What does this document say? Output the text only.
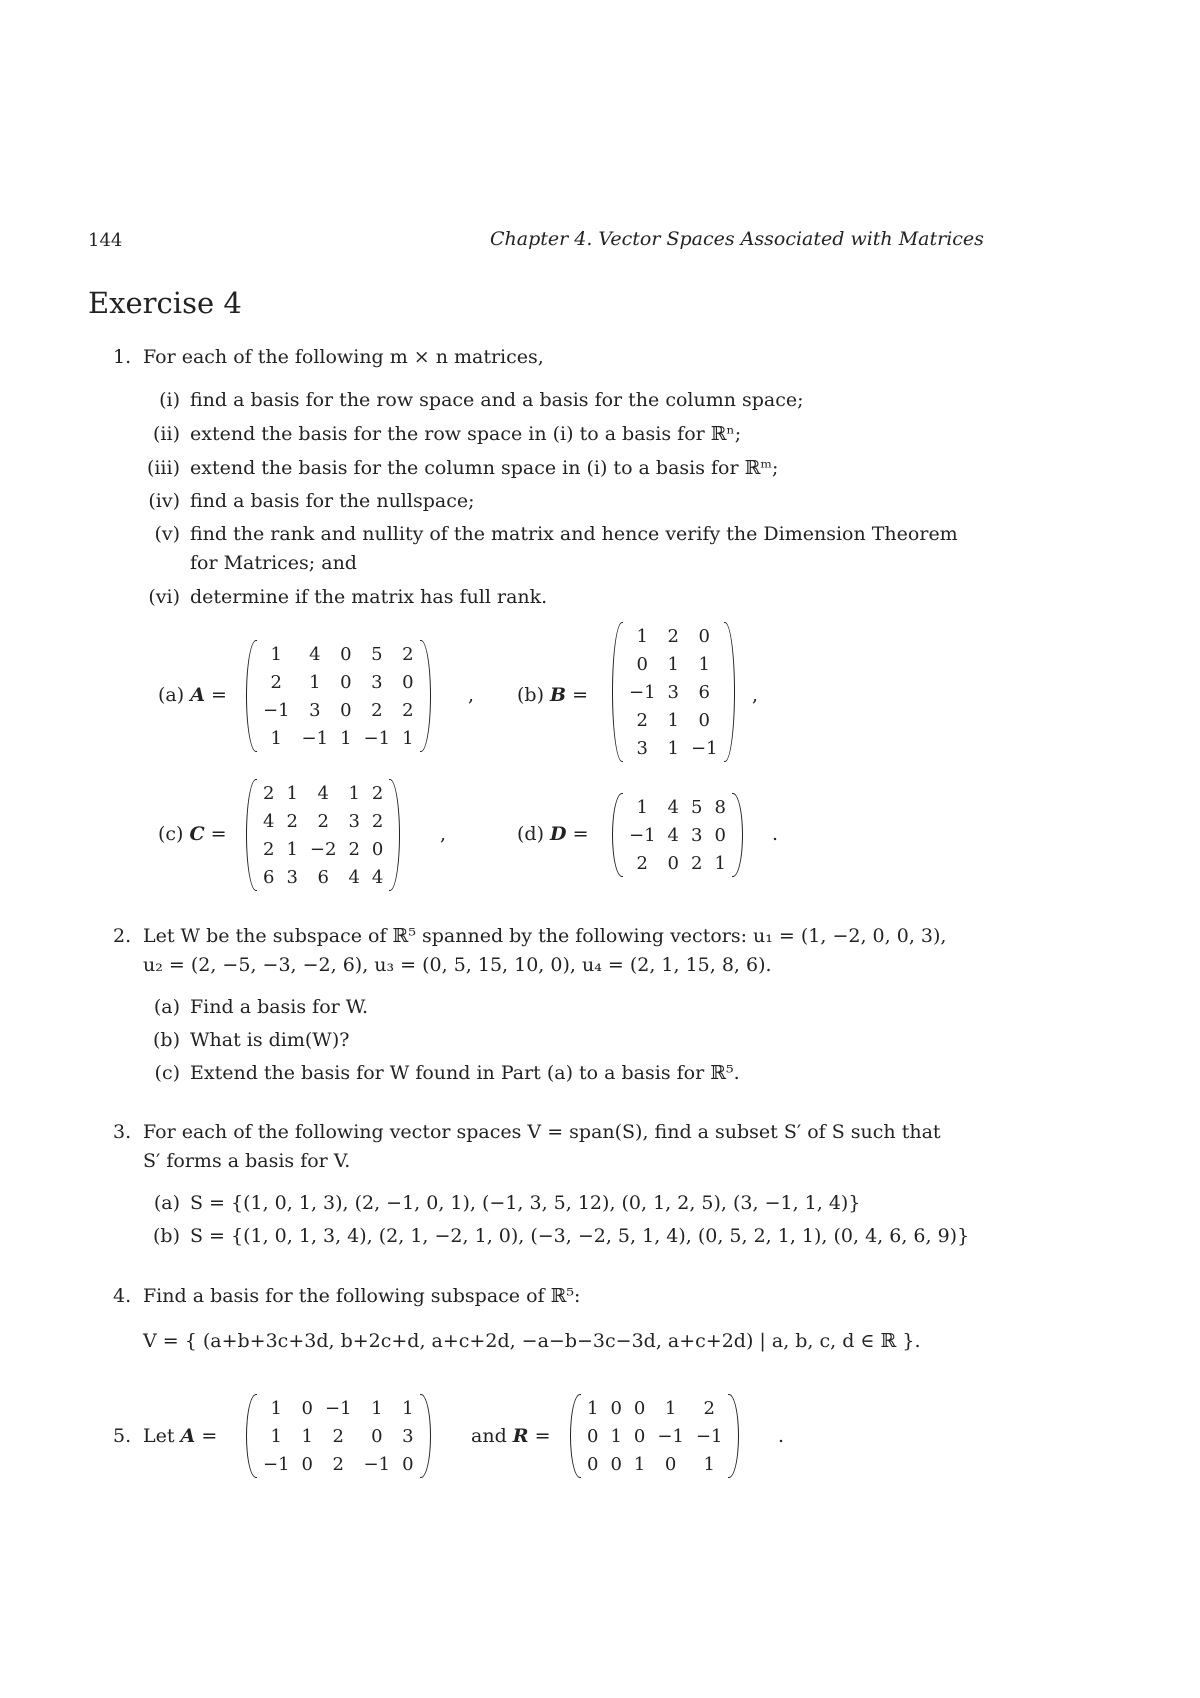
144	Chapter 4. Vector Spaces Associated with Matrices
Exercise 4
1. For each of the following m × n matrices,
(i) find a basis for the row space and a basis for the column space;
(ii) extend the basis for the row space in (i) to a basis for ℝⁿ;
(iii) extend the basis for the column space in (i) to a basis for ℝᵐ;
(iv) find a basis for the nullspace;
(v) find the rank and nullity of the matrix and hence verify the Dimension Theorem
for Matrices; and
(vi) determine if the matrix has full rank.
(a) A =
1	4	0	5	2
2	1	0	3	0
−1	3	0	2	2
1	−1	1	−1	1
, (b) B =
1	2	0
0	1	1
−1	3	6
2	1	0
3	1	−1
,
(c) C =
2	1	4	1	2
4	2	2	3	2
2	1	−2	2	0
6	3	6	4	4
,	(d) D =
1	4	5	8
−1	4	3	0
2	0	2	1
.
2. Let W be the subspace of ℝ⁵ spanned by the following vectors: u₁ = (1, −2, 0, 0, 3),
u₂ = (2, −5, −3, −2, 6), u₃ = (0, 5, 15, 10, 0), u₄ = (2, 1, 15, 8, 6).
(a) Find a basis for W.
(b) What is dim(W)?
(c) Extend the basis for W found in Part (a) to a basis for ℝ⁵.
3. For each of the following vector spaces V = span(S), find a subset S′ of S such that
S′ forms a basis for V.
(a) S = {(1, 0, 1, 3), (2, −1, 0, 1), (−1, 3, 5, 12), (0, 1, 2, 5), (3, −1, 1, 4)}
(b) S = {(1, 0, 1, 3, 4), (2, 1, −2, 1, 0), (−3, −2, 5, 1, 4), (0, 5, 2, 1, 1), (0, 4, 6, 6, 9)}
4. Find a basis for the following subspace of ℝ⁵:
V = { (a+b+3c+3d, b+2c+d, a+c+2d, −a−b−3c−3d, a+c+2d) | a, b, c, d ∈ ℝ }.
5. Let A =
1	0	−1	1	1
1	1	2	0	3
−1	0	2	−1	0
and R =
1	0	0	1	2
0	1	0	−1	−1
0	0	1	0	1
.
